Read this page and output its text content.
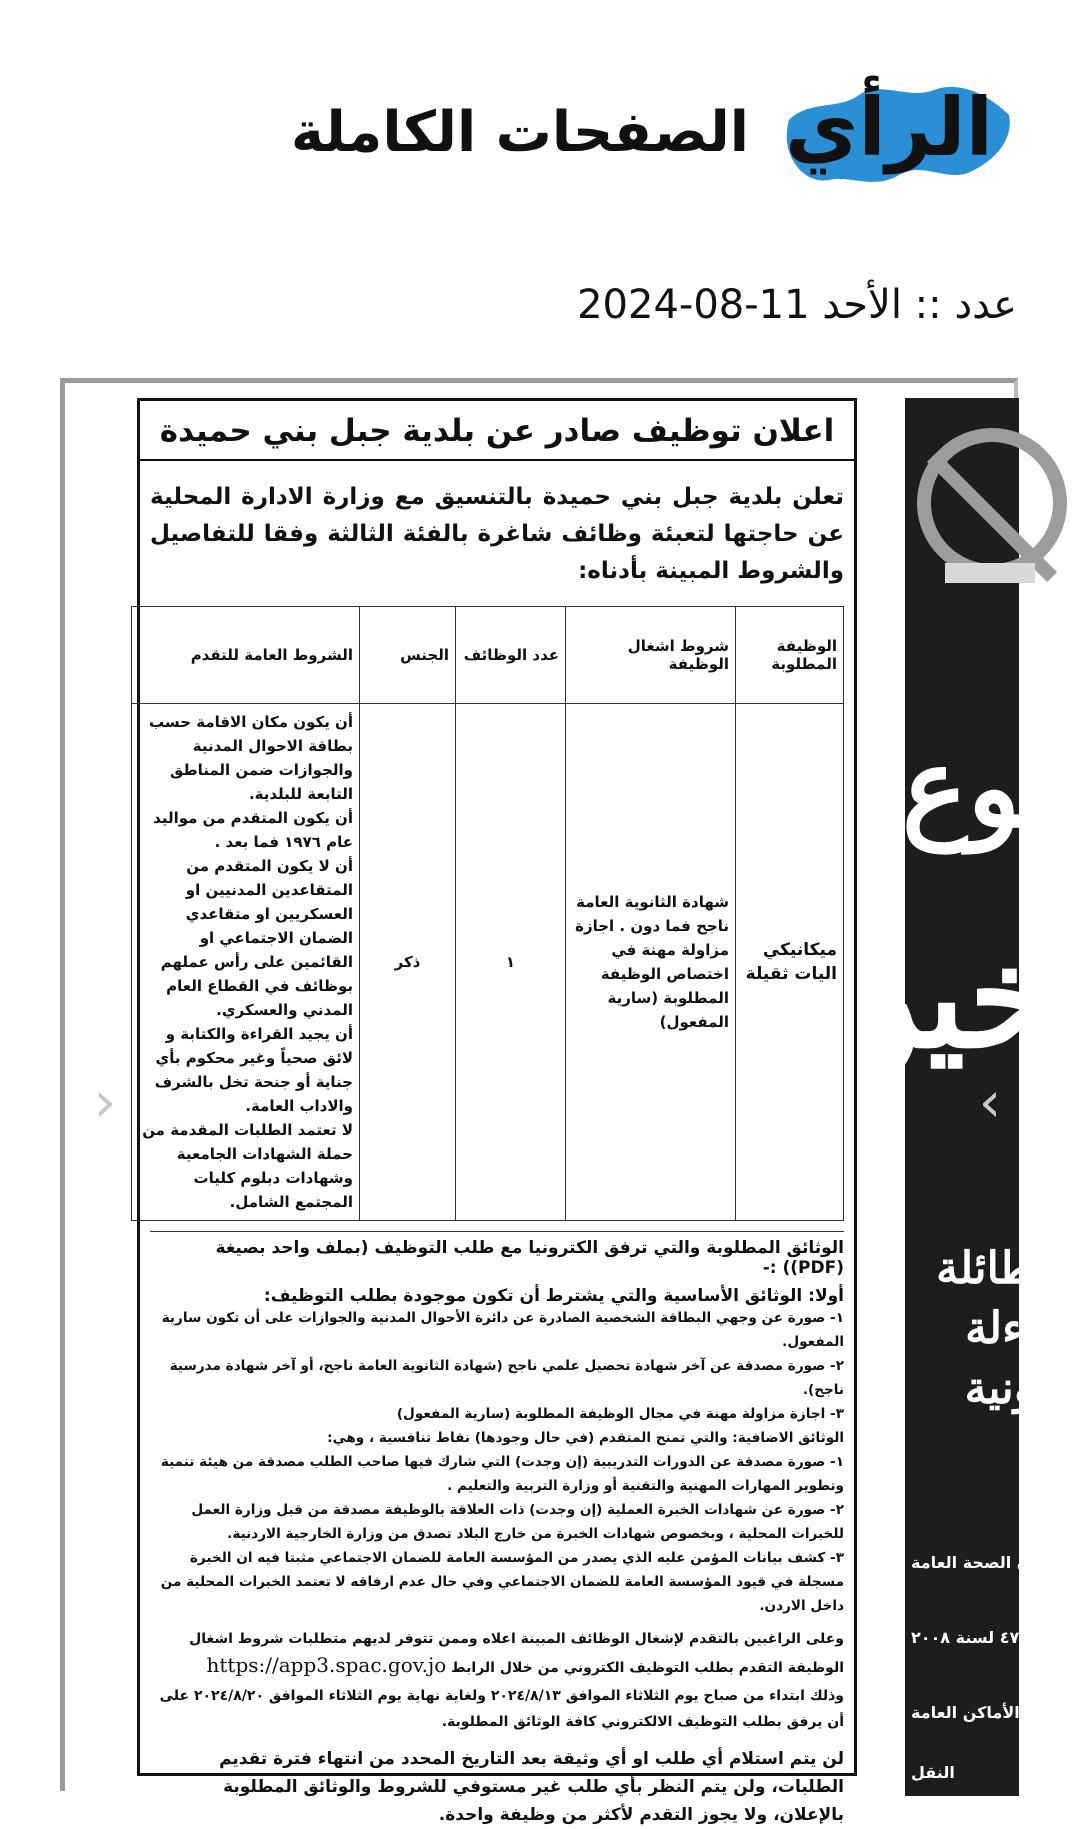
الرأي
الصفحات الكاملة
عدد :: الأحد 2024-08-11
نوع
خين
طائلة
اءلة
ونية
قانون الصحة العامة
رقم ٤٧ لسنة ٢٠٠٨
في الأماكن العامة
النقل
‹	›
اعلان توظيف صادر عن بلدية جبل بني حميدة
تعلن بلدية جبل بني حميدة بالتنسيق مع وزارة الادارة المحلية عن حاجتها لتعبئة وظائف شاغرة بالفئة الثالثة وفقا للتفاصيل والشروط المبينة بأدناه:
الوظيفة المطلوبة	شروط اشغال الوظيفة	عدد الوظائف	الجنس	الشروط العامة للتقدم
ميكانيكي اليات ثقيلة	شهادة الثانوية العامة ناجح فما دون . اجازة مزاولة مهنة في اختصاص الوظيفة المطلوبة (سارية المفعول)	١	ذكر	أن يكون مكان الاقامة حسب بطاقة الاحوال المدنية والجوازات ضمن المناطق التابعة للبلدية.
أن يكون المتقدم من مواليد عام ١٩٧٦ فما بعد .
أن لا يكون المتقدم من المتقاعدين المدنيين او العسكريين او متقاعدي الضمان الاجتماعي او القائمين على رأس عملهم بوظائف في القطاع العام المدني والعسكري.
أن يجيد القراءة والكتابة و لائق صحياً وغير محكوم بأي جناية أو جنحة تخل بالشرف والاداب العامة.
لا تعتمد الطلبات المقدمة من حملة الشهادات الجامعية وشهادات دبلوم كليات المجتمع الشامل.
الوثائق المطلوبة والتي ترفق الكترونيا مع طلب التوظيف (بملف واحد بصيغة (PDF)) :-
أولا: الوثائق الأساسية والتي يشترط أن تكون موجودة بطلب التوظيف:

١- صورة عن وجهي البطاقة الشخصية الصادرة عن دائرة الأحوال المدنية والجوازات على أن تكون سارية المفعول.

٢- صورة مصدقة عن آخر شهادة تحصيل علمي ناجح (شهادة الثانوية العامة ناجح، أو آخر شهادة مدرسية ناجح).

٣- اجازة مزاولة مهنة في مجال الوظيفة المطلوبة (سارية المفعول)

الوثائق الاضافية: والتي تمنح المتقدم (في حال وجودها) نقاط تنافسية ، وهي:

١- صورة مصدقة عن الدورات التدريبية (إن وجدت) التي شارك فيها صاحب الطلب مصدقة من هيئة تنمية وتطوير المهارات المهنية والتقنية أو وزارة التربية والتعليم .

٢- صورة عن شهادات الخبرة العملية (إن وجدت) ذات العلاقة بالوظيفة مصدقة من قبل وزارة العمل للخبرات المحلية ، وبخصوص شهادات الخبرة من خارج البلاد تصدق من وزارة الخارجية الاردنية.

٣- كشف بيانات المؤمن عليه الذي يصدر من المؤسسة العامة للضمان الاجتماعي مثبتا فيه ان الخبرة مسجلة في قيود المؤسسة العامة للضمان الاجتماعي وفي حال عدم ارفاقه لا تعتمد الخبرات المحلية من داخل الاردن.

وعلى الراغبين بالتقدم لإشغال الوظائف المبينة اعلاه وممن تتوفر لديهم متطلبات شروط اشغال الوظيفة التقدم بطلب التوظيف الكتروني من خلال الرابط https://app3.spac.gov.jo
وذلك ابتداء من صباح يوم الثلاثاء الموافق ٢٠٢٤/٨/١٣ ولغاية نهاية يوم الثلاثاء الموافق ٢٠٢٤/٨/٢٠ على أن يرفق بطلب التوظيف الالكتروني كافة الوثائق المطلوبة.
لن يتم استلام أي طلب او أي وثيقة بعد التاريخ المحدد من انتهاء فترة تقديم الطلبات، ولن يتم النظر بأي طلب غير مستوفي للشروط والوثائق المطلوبة بالإعلان، ولا يجوز التقدم لأكثر من وظيفة واحدة.
